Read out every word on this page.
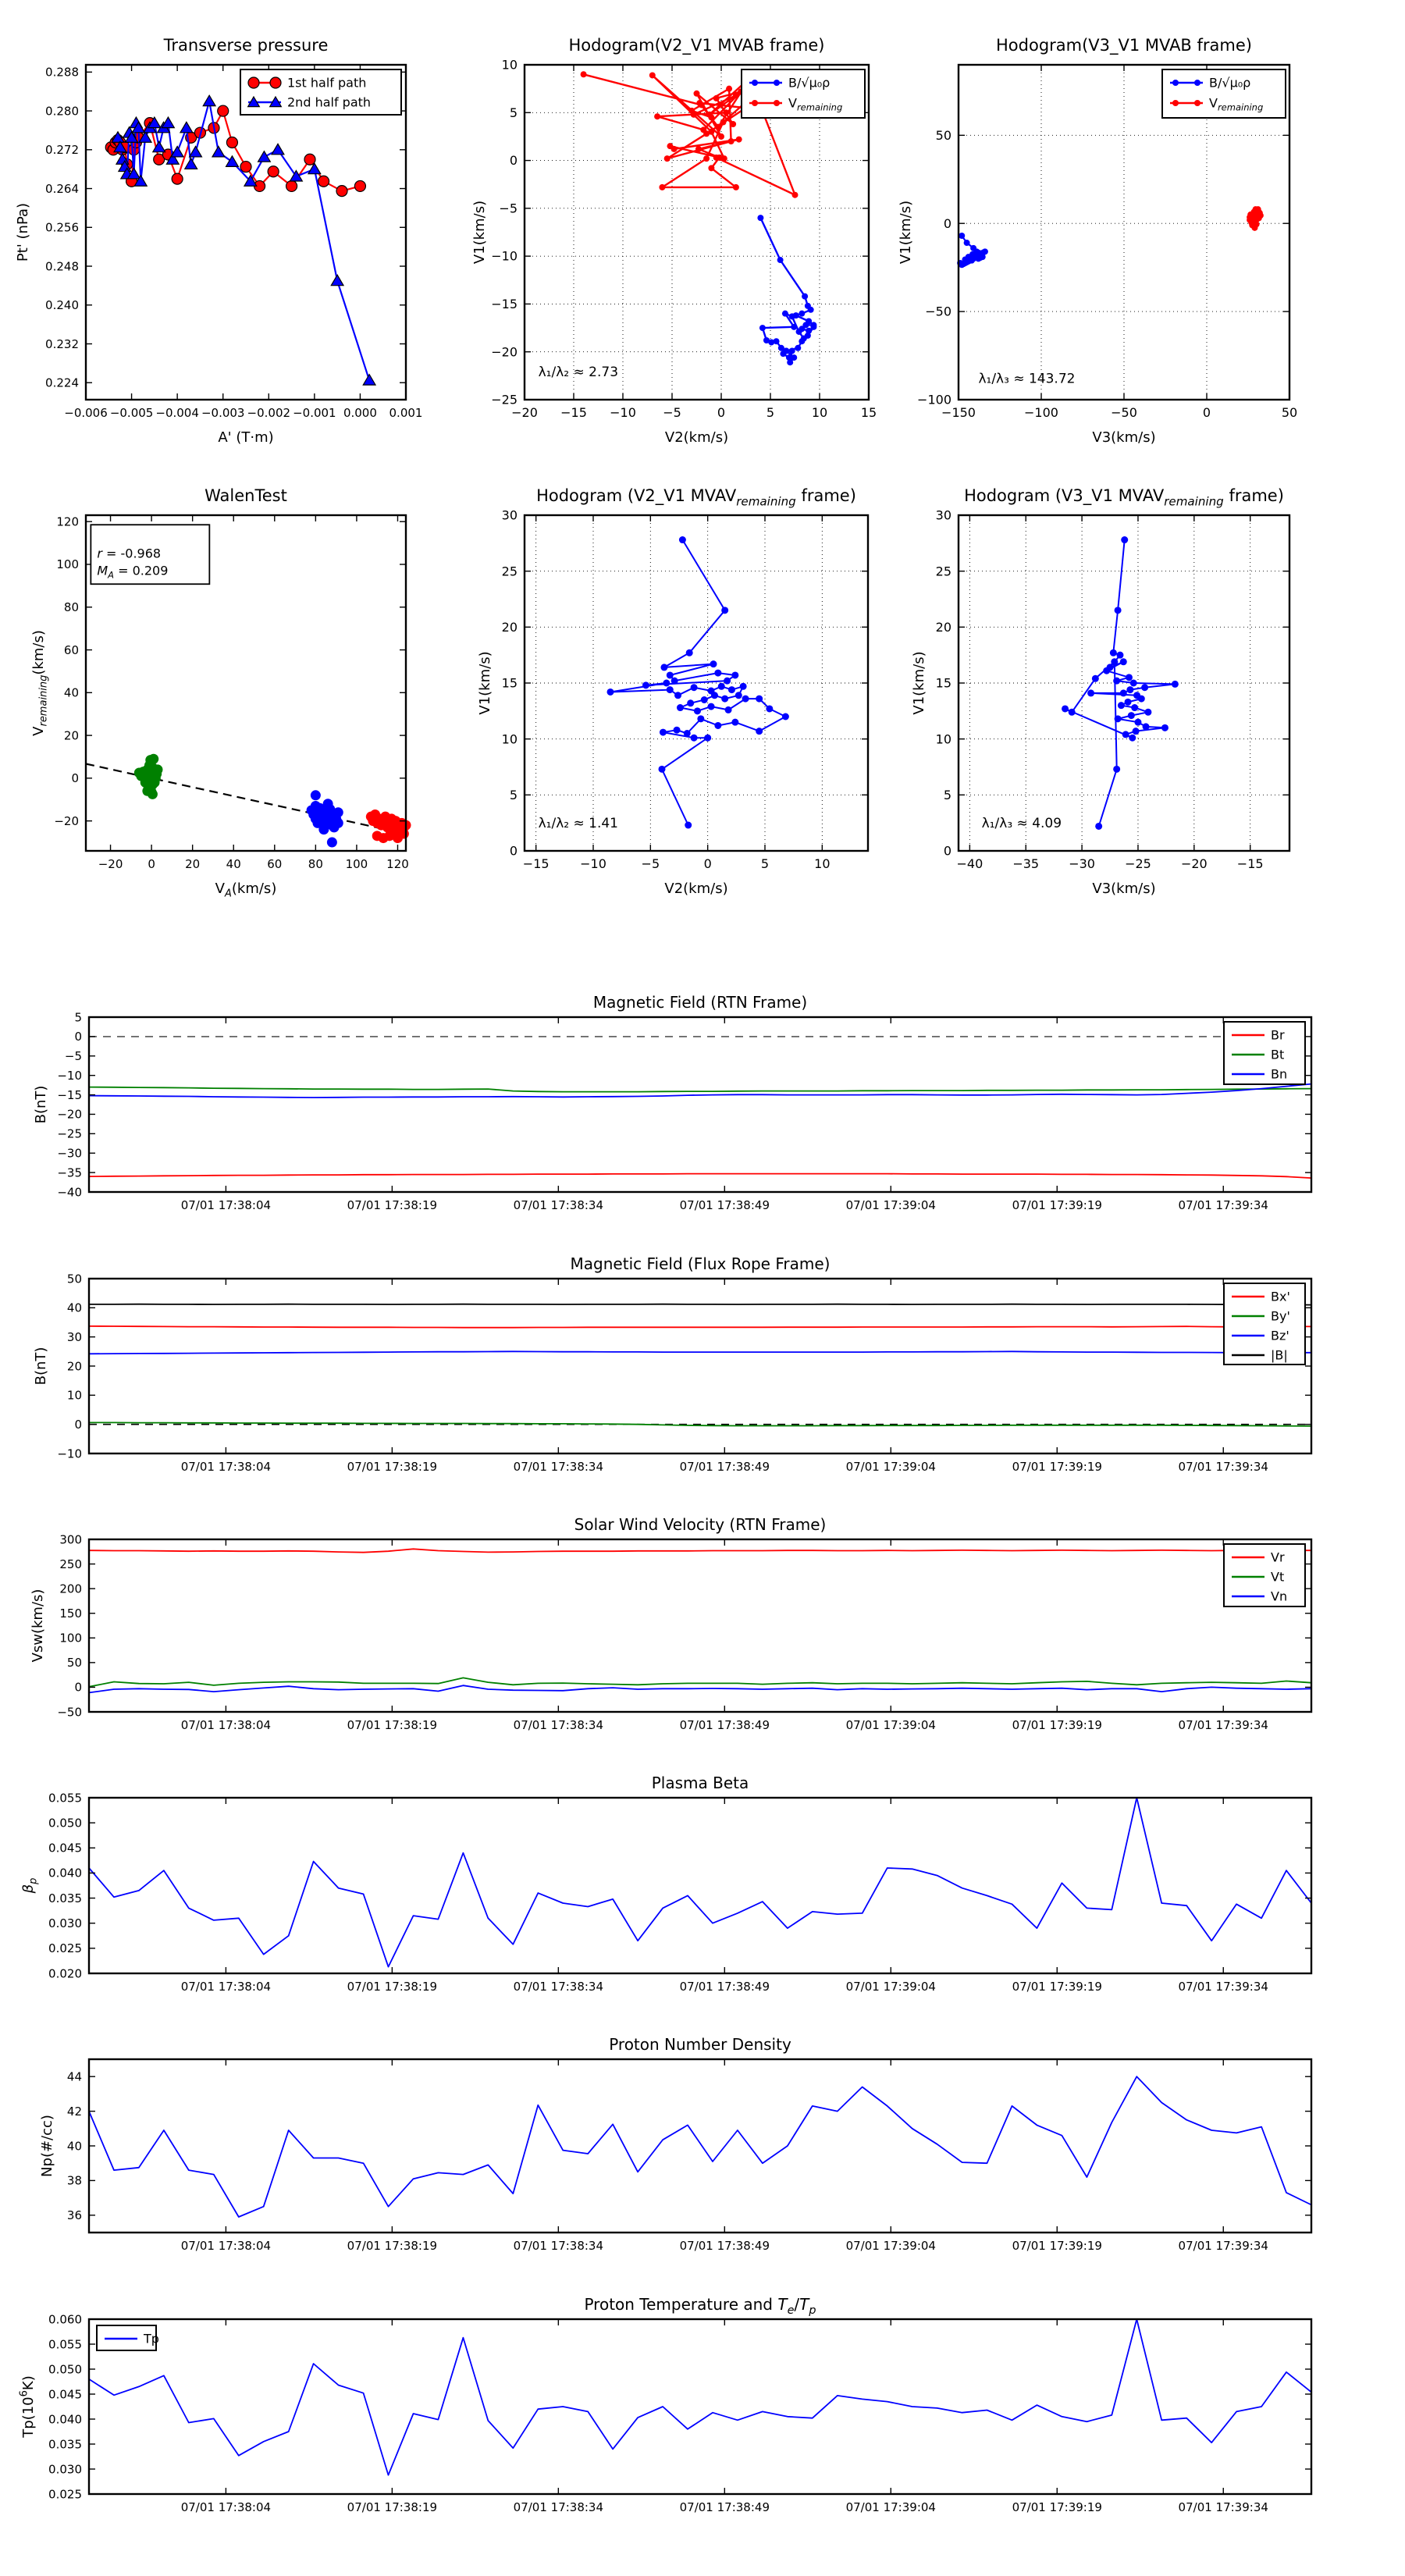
−0.006 −0.005 −0.004 −0.003 −0.002 −0.001 0.000 0.001
0.288
0.280
0.272
0.264
0.256
0.248
0.240
0.232
0.224
Transverse pressure
A' (T·m)
Pt' (nPa)
1st half path
2nd half path
−20 −15 −10 −5	0	5	10	15
10
5
0
−5
−10
−15
−20
−25
Hodogram(V2_V1 MVAB frame)
V2(km/s)
V1(km/s)
λ₁/λ₂ ≈ 2.73
B/√μ₀ρ
$V_{remaining}$
−150	−100	−50	0	50
50
0
−50
−100
Hodogram(V3_V1 MVAB frame)
V3(km/s)
V1(km/s)
λ₁/λ₃ ≈ 143.72
B/√μ₀ρ
$V_{remaining}$
−20 0	20 40 60 80 100 120
120
100
80
60
40
20
0
−20
WalenTest
$V_A(km/s)$
$V_{remaining}(km/s)$
r = -0.968
$M_A = 0.209$
−15 −10	−5	0	5	10
0
5
10
15
20
25
30
Hodogram (V2_V1 $MVAV_{remaining}$ frame)
V2(km/s)
V1(km/s)
λ₁/λ₂ ≈ 1.41
−40 −35 −30 −25 −20 −15
0
5
10
15
20
25
30
Hodogram (V3_V1 $MVAV_{remaining}$ frame)
V3(km/s)
V1(km/s)
λ₁/λ₃ ≈ 4.09
07/01 17:38:04	07/01 17:38:19	07/01 17:38:34	07/01 17:38:49	07/01 17:39:04	07/01 17:39:19	07/01 17:39:34
5
0
−5
−10
−15
−20
−25
−30
−35
−40
Magnetic Field (RTN Frame)
B(nT)
Br
Bt
Bn
07/01 17:38:04	07/01 17:38:19	07/01 17:38:34	07/01 17:38:49	07/01 17:39:04	07/01 17:39:19	07/01 17:39:34
50
40
30
20
10
0
−10
Magnetic Field (Flux Rope Frame)
B(nT)
Bx'
By'
Bz'
|B|
07/01 17:38:04	07/01 17:38:19	07/01 17:38:34	07/01 17:38:49	07/01 17:39:04	07/01 17:39:19	07/01 17:39:34
300
250
200
150
100
50
0
−50
Solar Wind Velocity (RTN Frame)
Vsw(km/s)
Vr
Vt
Vn
07/01 17:38:04	07/01 17:38:19	07/01 17:38:34	07/01 17:38:49	07/01 17:39:04	07/01 17:39:19	07/01 17:39:34
0.055
0.050
0.045
0.040
0.035
0.030
0.025
0.020
Plasma Beta
$\beta_p$
07/01 17:38:04	07/01 17:38:19	07/01 17:38:34	07/01 17:38:49	07/01 17:39:04	07/01 17:39:19	07/01 17:39:34
44
42
40
38
36
Proton Number Density
Np(#/cc)
07/01 17:38:04	07/01 17:38:19	07/01 17:38:34	07/01 17:38:49	07/01 17:39:04	07/01 17:39:19	07/01 17:39:34
0.060
0.055
0.050
0.045
0.040
0.035
0.030
0.025
Proton Temperature and $T_e/T_p$
$Tp(10^6K)$
Tp
